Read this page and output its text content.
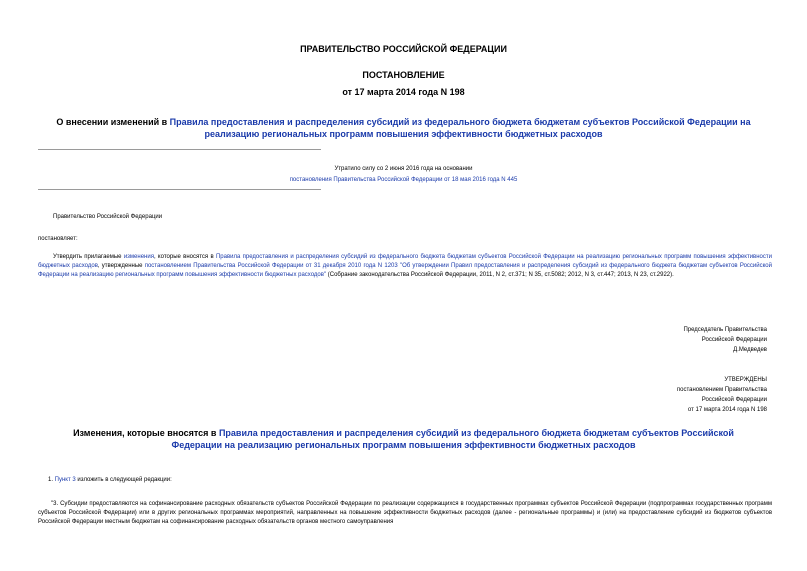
ПРАВИТЕЛЬСТВО РОССИЙСКОЙ ФЕДЕРАЦИИ
ПОСТАНОВЛЕНИЕ
от 17 марта 2014 года N 198
О внесении изменений в Правила предоставления и распределения субсидий из федерального бюджета бюджетам субъектов Российской Федерации на реализацию региональных программ повышения эффективности бюджетных расходов
Утратило силу со 2 июня 2016 года на основании
постановления Правительства Российской Федерации от 18 мая 2016 года N 445
Правительство Российской Федерации
постановляет:
Утвердить прилагаемые изменения, которые вносятся в Правила предоставления и распределения субсидий из федерального бюджета бюджетам субъектов Российской Федерации на реализацию региональных программ повышения эффективности бюджетных расходов, утвержденные постановлением Правительства Российской Федерации от 31 декабря 2010 года N 1203 "Об утверждении Правил предоставления и распределения субсидий из федерального бюджета бюджетам субъектов Российской Федерации на реализацию региональных программ повышения эффективности бюджетных расходов" (Собрание законодательства Российской Федерации, 2011, N 2, ст.371; N 35, ст.5082; 2012, N 3, ст.447; 2013, N 23, ст.2922).
Председатель Правительства
Российской Федерации
Д.Медведев
УТВЕРЖДЕНЫ
постановлением Правительства
Российской Федерации
от 17 марта 2014 года N 198
Изменения, которые вносятся в Правила предоставления и распределения субсидий из федерального бюджета бюджетам субъектов Российской Федерации на реализацию региональных программ повышения эффективности бюджетных расходов
1. Пункт 3 изложить в следующей редакции:
"3. Субсидии предоставляются на софинансирование расходных обязательств субъектов Российской Федерации по реализации содержащихся в государственных программах субъектов Российской Федерации (подпрограммах государственных программ субъектов Российской Федерации) или в других региональных программах мероприятий, направленных на повышение эффективности бюджетных расходов (далее - региональные программы) и (или) на предоставление субсидий из бюджетов субъектов Российской Федерации местным бюджетам на софинансирование расходных обязательств органов местного самоуправления
